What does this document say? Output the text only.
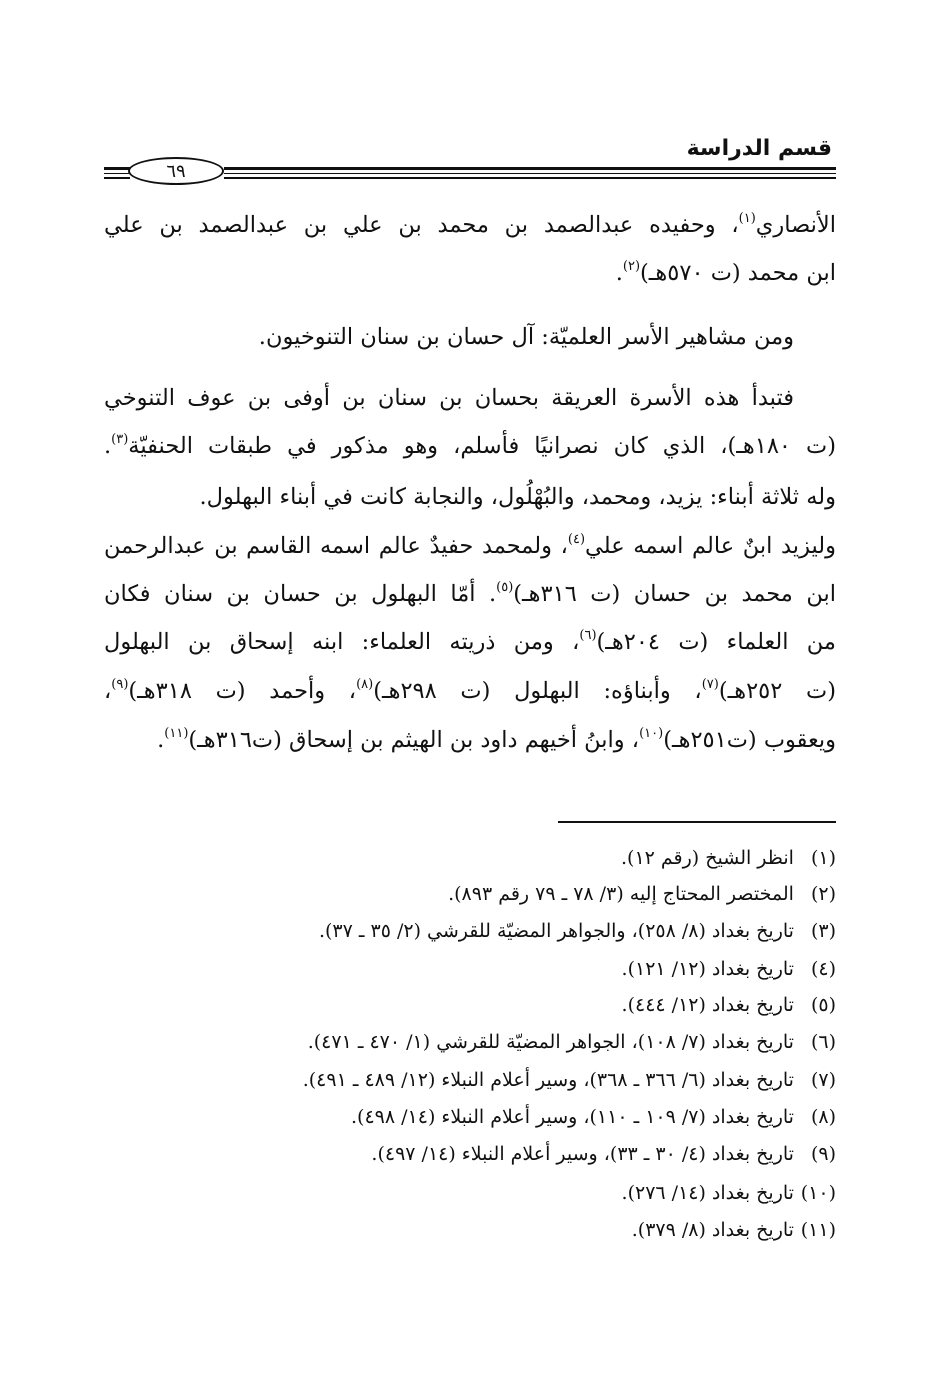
قسم الدراسة
٦٩
الأنصاري$^{(١)}$، وحفيده عبدالصمد بن محمد بن علي بن عبدالصمد بن علي
ابن محمد (ت ٥٧٠هـ)$^{(٢)}$.
ومن مشاهير الأسر العلميّة: آل حسان بن سنان التنوخيون.
فتبدأ هذه الأسرة العريقة بحسان بن سنان بن أوفى بن عوف التنوخي
(ت ١٨٠هـ)، الذي كان نصرانيًا فأسلم، وهو مذكور في طبقات الحنفيّة$^{(٣)}$.
وله ثلاثة أبناء: يزيد، ومحمد، والبُهْلُول، والنجابة كانت في أبناء البهلول.
وليزيد ابنٌ عالم اسمه علي$^{(٤)}$، ولمحمد حفيدٌ عالم اسمه القاسم بن عبدالرحمن
ابن محمد بن حسان (ت ٣١٦هـ)$^{(٥)}$. أمّا البهلول بن حسان بن سنان فكان
من العلماء (ت ٢٠٤هـ)$^{(٦)}$، ومن ذريته العلماء: ابنه إسحاق بن البهلول
(ت ٢٥٢هـ)$^{(٧)}$، وأبناؤه: البهلول (ت ٢٩٨هـ)$^{(٨)}$، وأحمد (ت ٣١٨هـ)$^{(٩)}$،
ويعقوب (ت٢٥١هـ)$^{(١٠)}$، وابنُ أخيهم داود بن الهيثم بن إسحاق (ت٣١٦هـ)$^{(١١)}$.
(١) انظر الشيخ (رقم ١٢).
(٢) المختصر المحتاج إليه (٣/ ٧٨ ـ ٧٩ رقم ٨٩٣).
(٣) تاريخ بغداد (٨/ ٢٥٨)، والجواهر المضيّة للقرشي (٢/ ٣٥ ـ ٣٧).
(٤) تاريخ بغداد (١٢/ ١٢١).
(٥) تاريخ بغداد (١٢/ ٤٤٤).
(٦) تاريخ بغداد (٧/ ١٠٨)، الجواهر المضيّة للقرشي (١/ ٤٧٠ ـ ٤٧١).
(٧) تاريخ بغداد (٦/ ٣٦٦ ـ ٣٦٨)، وسير أعلام النبلاء (١٢/ ٤٨٩ ـ ٤٩١).
(٨) تاريخ بغداد (٧/ ١٠٩ ـ ١١٠)، وسير أعلام النبلاء (١٤/ ٤٩٨).
(٩) تاريخ بغداد (٤/ ٣٠ ـ ٣٣)، وسير أعلام النبلاء (١٤/ ٤٩٧).
(١٠) تاريخ بغداد (١٤/ ٢٧٦).
(١١) تاريخ بغداد (٨/ ٣٧٩).
